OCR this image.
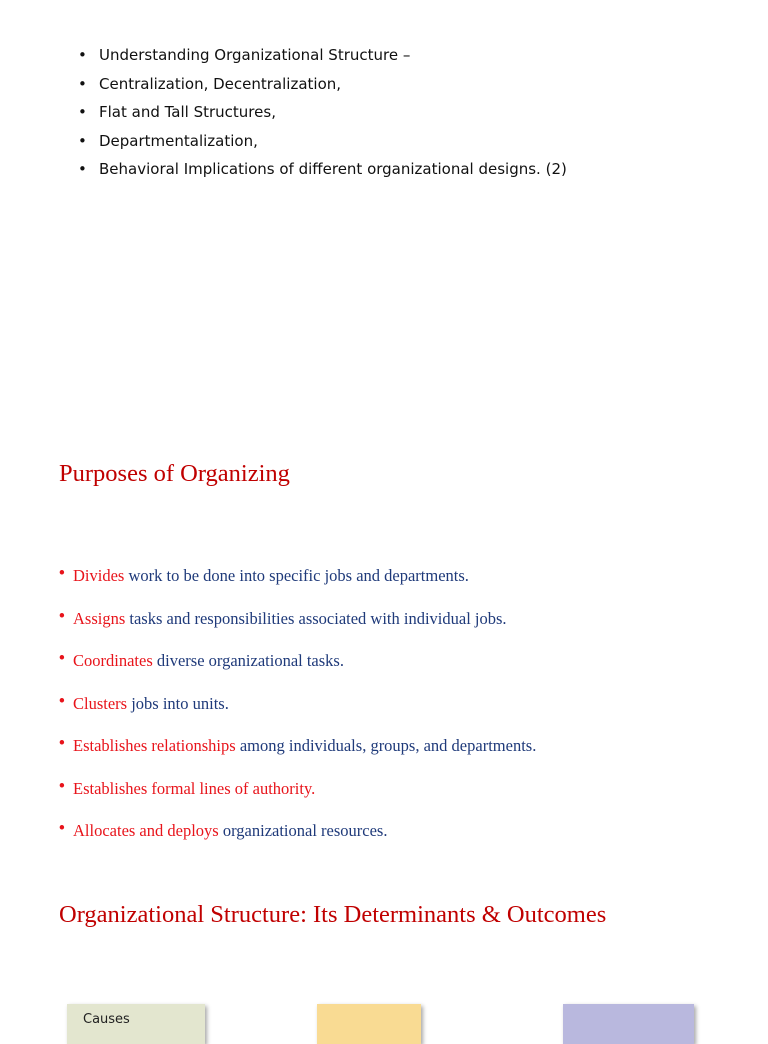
• Understanding Organizational Structure –
• Centralization, Decentralization,
• Flat and Tall Structures,
• Departmentalization,
• Behavioral Implications of different organizational designs. (2)
Purposes of Organizing
• Divides work to be done into specific jobs and departments.
• Assigns tasks and responsibilities associated with individual jobs.
• Coordinates diverse organizational tasks.
• Clusters jobs into units.
• Establishes relationships among individuals, groups, and departments.
• Establishes formal lines of authority.
• Allocates and deploys organizational resources.
Organizational Structure: Its Determinants & Outcomes
Causes
